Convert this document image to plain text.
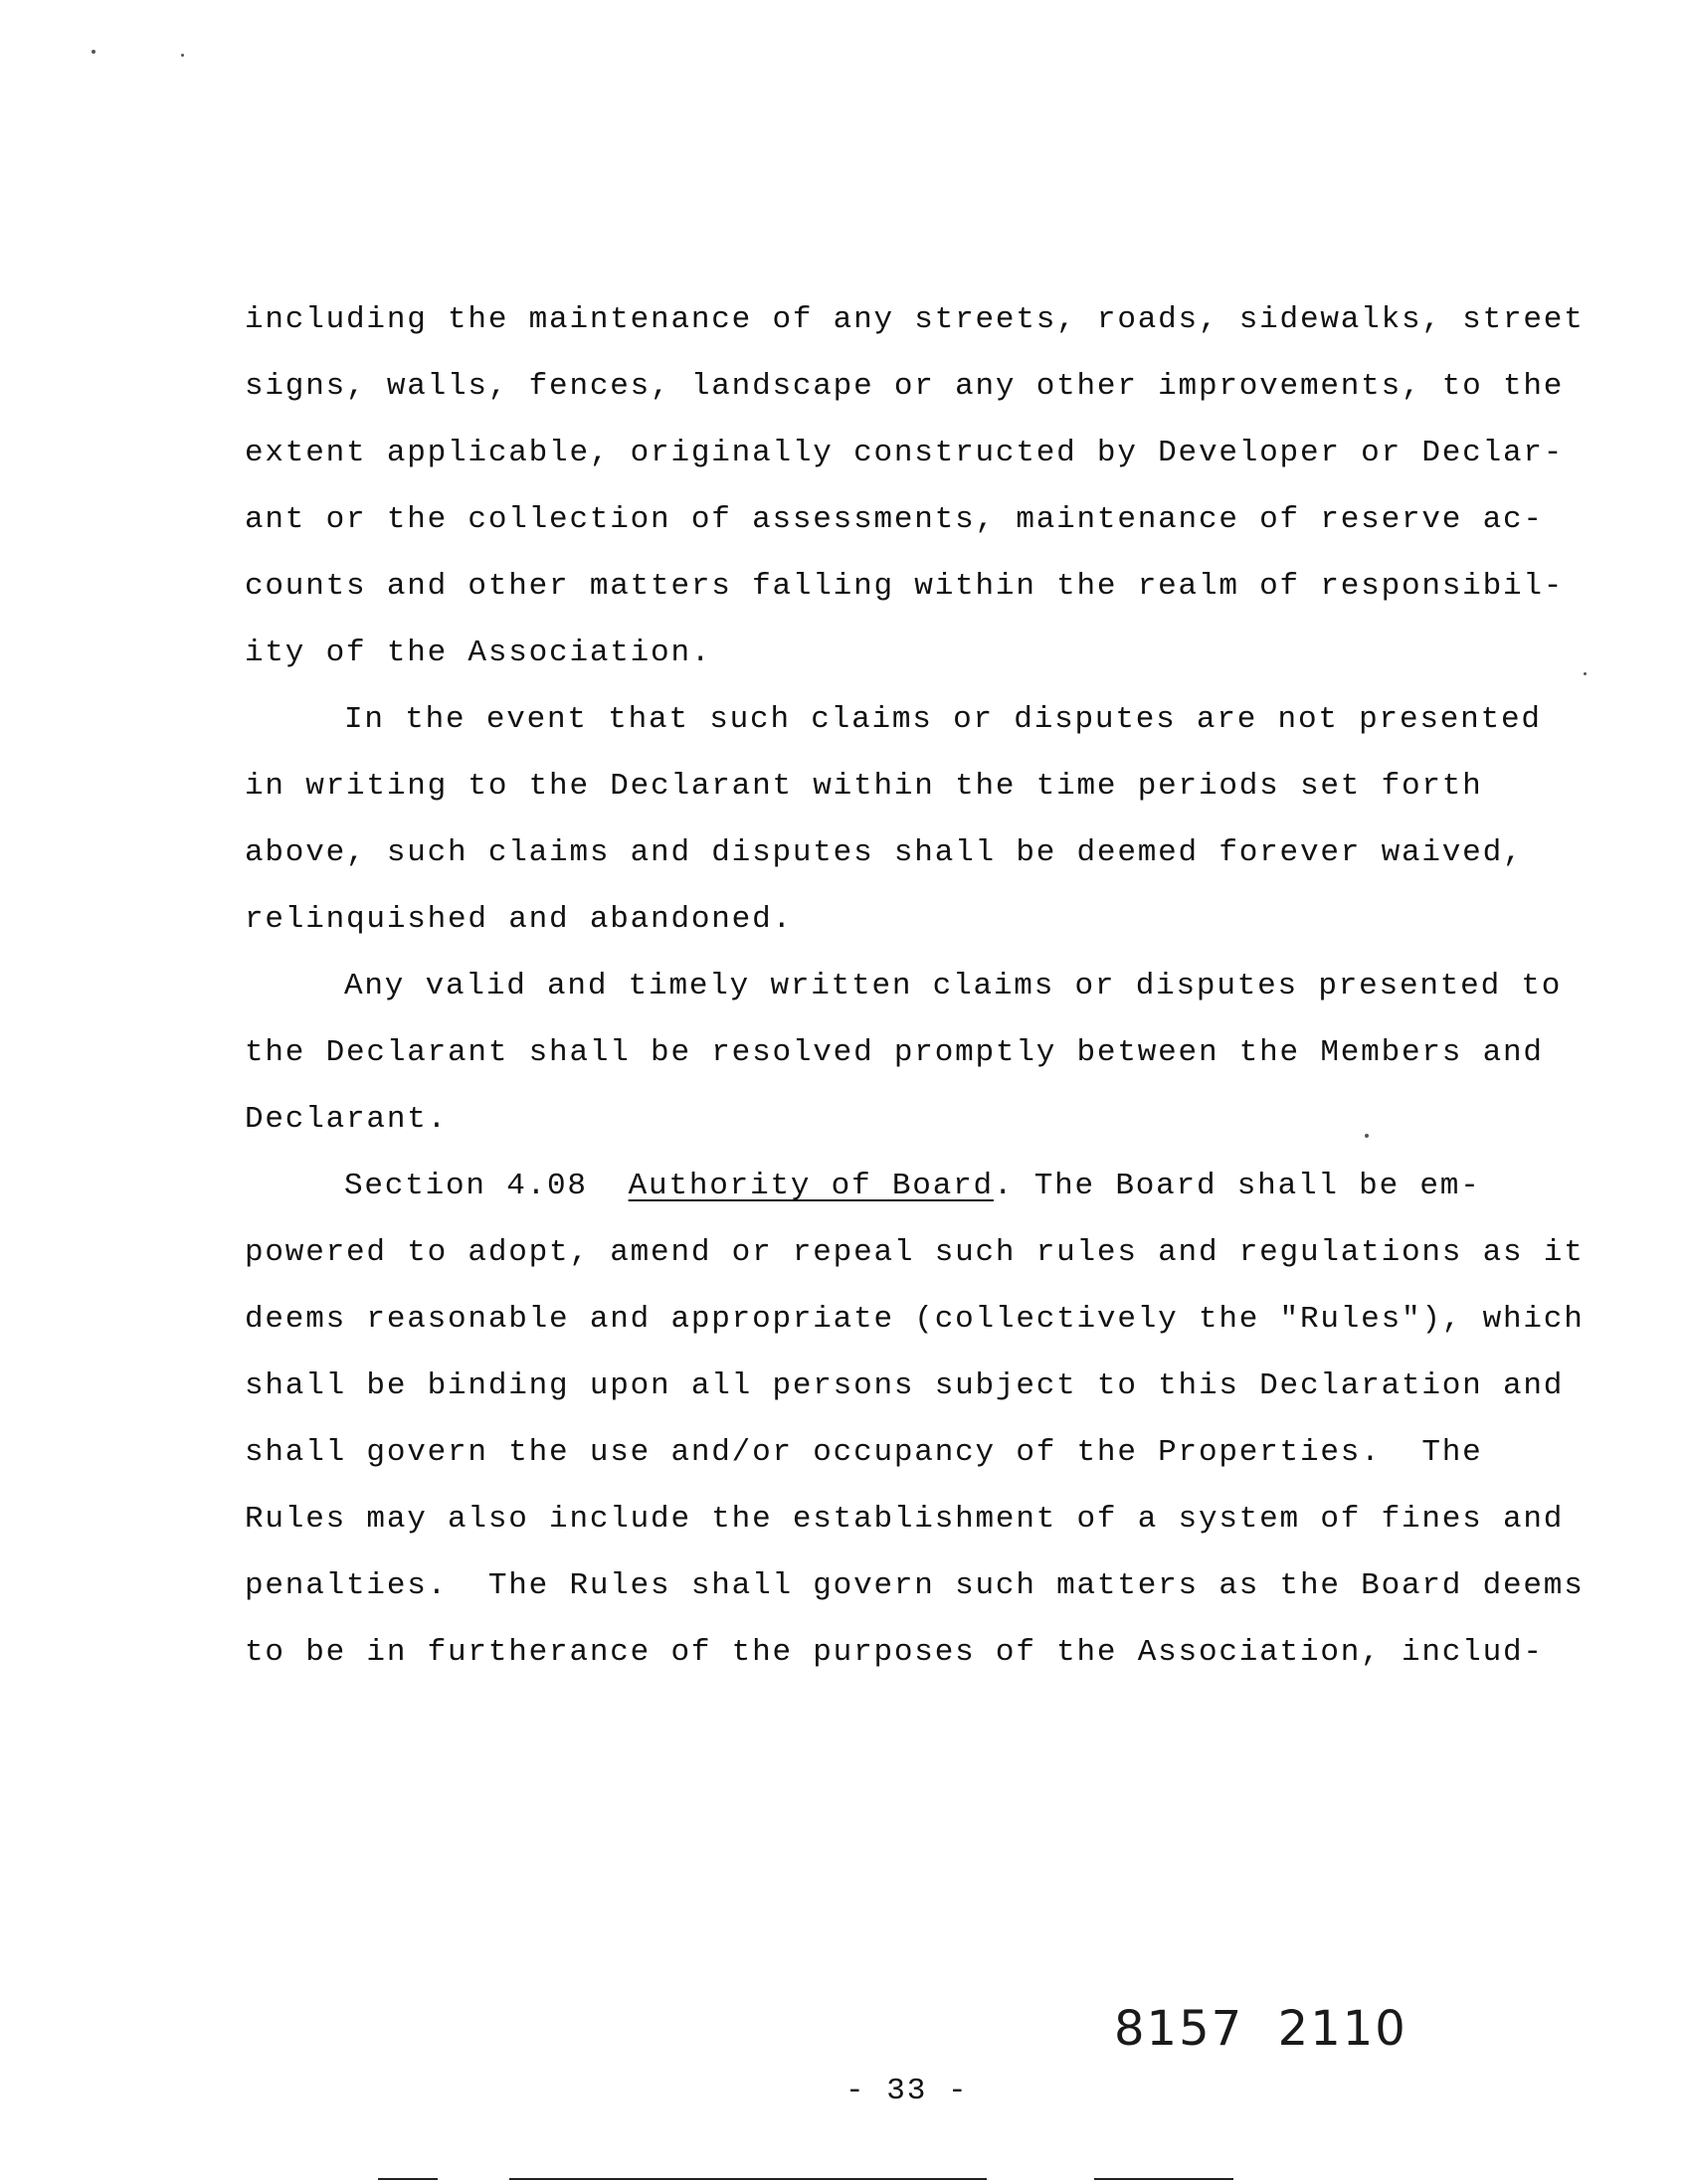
including the maintenance of any streets, roads, sidewalks, street
signs, walls, fences, landscape or any other improvements, to the
extent applicable, originally constructed by Developer or Declar-
ant or the collection of assessments, maintenance of reserve ac-
counts and other matters falling within the realm of responsibil-
ity of the Association.
In the event that such claims or disputes are not presented
in writing to the Declarant within the time periods set forth
above, such claims and disputes shall be deemed forever waived,
relinquished and abandoned.
Any valid and timely written claims or disputes presented to
the Declarant shall be resolved promptly between the Members and
Declarant.
Section 4.08 Authority of Board. The Board shall be em-
powered to adopt, amend or repeal such rules and regulations as it
deems reasonable and appropriate (collectively the "Rules"), which
shall be binding upon all persons subject to this Declaration and
shall govern the use and/or occupancy of the Properties.  The
Rules may also include the establishment of a system of fines and
penalties.  The Rules shall govern such matters as the Board deems
to be in furtherance of the purposes of the Association, includ-
8157  2110
- 33 -
